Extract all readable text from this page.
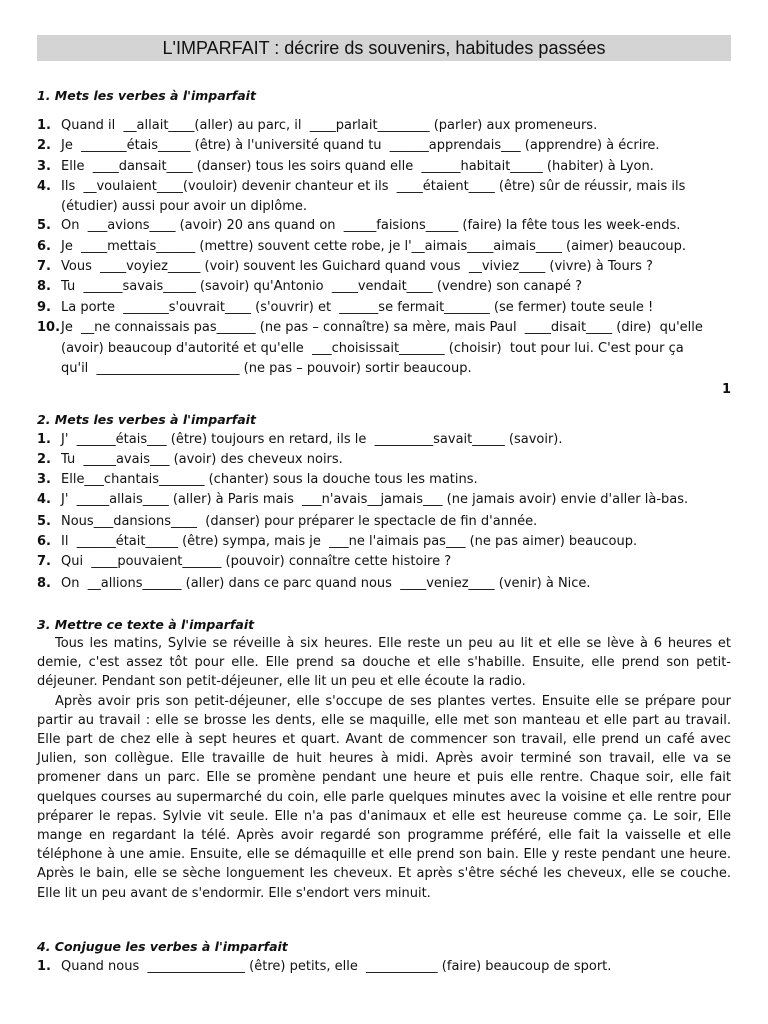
L'IMPARFAIT : décrire ds souvenirs, habitudes passées
1. Mets les verbes à l'imparfait
1. Quand il  __allait____(aller) au parc, il  ____parlait________ (parler) aux promeneurs.
2. Je  _______étais_____ (être) à l'université quand tu  ______apprendais___ (apprendre) à écrire.
3. Elle  ____dansait____ (danser) tous les soirs quand elle  ______habitait_____ (habiter) à Lyon.
4. Ils  __voulaient____(vouloir) devenir chanteur et ils  ____étaient____ (être) sûr de réussir, mais ils
(étudier) aussi pour avoir un diplôme.
5. On  ___avions____ (avoir) 20 ans quand on  _____faisions_____ (faire) la fête tous les week-ends.
6. Je  ____mettais______ (mettre) souvent cette robe, je l'__aimais____aimais____ (aimer) beaucoup.
7. Vous  ____voyiez_____ (voir) souvent les Guichard quand vous  __viviez____ (vivre) à Tours ?
8. Tu  ______savais_____ (savoir) qu'Antonio  ____vendait____ (vendre) son canapé ?
9. La porte  _______s'ouvrait____ (s'ouvrir) et  ______se fermait_______ (se fermer) toute seule !
10.Je  __ne connaissais pas______ (ne pas – connaître) sa mère, mais Paul  ____disait____ (dire)  qu'elle
(avoir) beaucoup d'autorité et qu'elle  ___choisissait_______ (choisir)  tout pour lui. C'est pour ça
qu'il  ______________________ (ne pas – pouvoir) sortir beaucoup.
1
2. Mets les verbes à l'imparfait
1. J'  ______étais___ (être) toujours en retard, ils le  _________savait_____ (savoir).
2. Tu  _____avais___ (avoir) des cheveux noirs.
3. Elle___chantais_______ (chanter) sous la douche tous les matins.
4. J'  _____allais____ (aller) à Paris mais  ___n'avais__jamais___ (ne jamais avoir) envie d'aller là-bas.
5. Nous___dansions____  (danser) pour préparer le spectacle de fin d'année.
6. Il  ______était_____ (être) sympa, mais je  ___ne l'aimais pas___ (ne pas aimer) beaucoup.
7. Qui  ____pouvaient______ (pouvoir) connaître cette histoire ?
8. On  __allions______ (aller) dans ce parc quand nous  ____veniez____ (venir) à Nice.
3. Mettre ce texte à l'imparfait

Tous les matins, Sylvie se réveille à six heures. Elle reste un peu au lit et elle se lève à 6 heures et demie, c'est assez tôt pour elle. Elle prend sa douche et elle s'habille. Ensuite, elle prend son petit-déjeuner. Pendant son petit-déjeuner, elle lit un peu et elle écoute la radio.

Après avoir pris son petit-déjeuner, elle s'occupe de ses plantes vertes. Ensuite elle se prépare pour partir au travail : elle se brosse les dents, elle se maquille, elle met son manteau et elle part au travail. Elle part de chez elle à sept heures et quart. Avant de commencer son travail, elle prend un café avec Julien, son collègue. Elle travaille de huit heures à midi. Après avoir terminé son travail, elle va se promener dans un parc. Elle se promène pendant une heure et puis elle rentre. Chaque soir, elle fait quelques courses au supermarché du coin, elle parle quelques minutes avec la voisine et elle rentre pour préparer le repas. Sylvie vit seule. Elle n'a pas d'animaux et elle est heureuse comme ça. Le soir, Elle mange en regardant la télé. Après avoir regardé son programme préféré, elle fait la vaisselle et elle téléphone à une amie. Ensuite, elle se démaquille et elle prend son bain. Elle y reste pendant une heure. Après le bain, elle se sèche longuement les cheveux. Et après s'être séché les cheveux, elle se couche. Elle lit un peu avant de s'endormir. Elle s'endort vers minuit.

4. Conjugue les verbes à l'imparfait
1. Quand nous  _______________ (être) petits, elle  ___________ (faire) beaucoup de sport.
